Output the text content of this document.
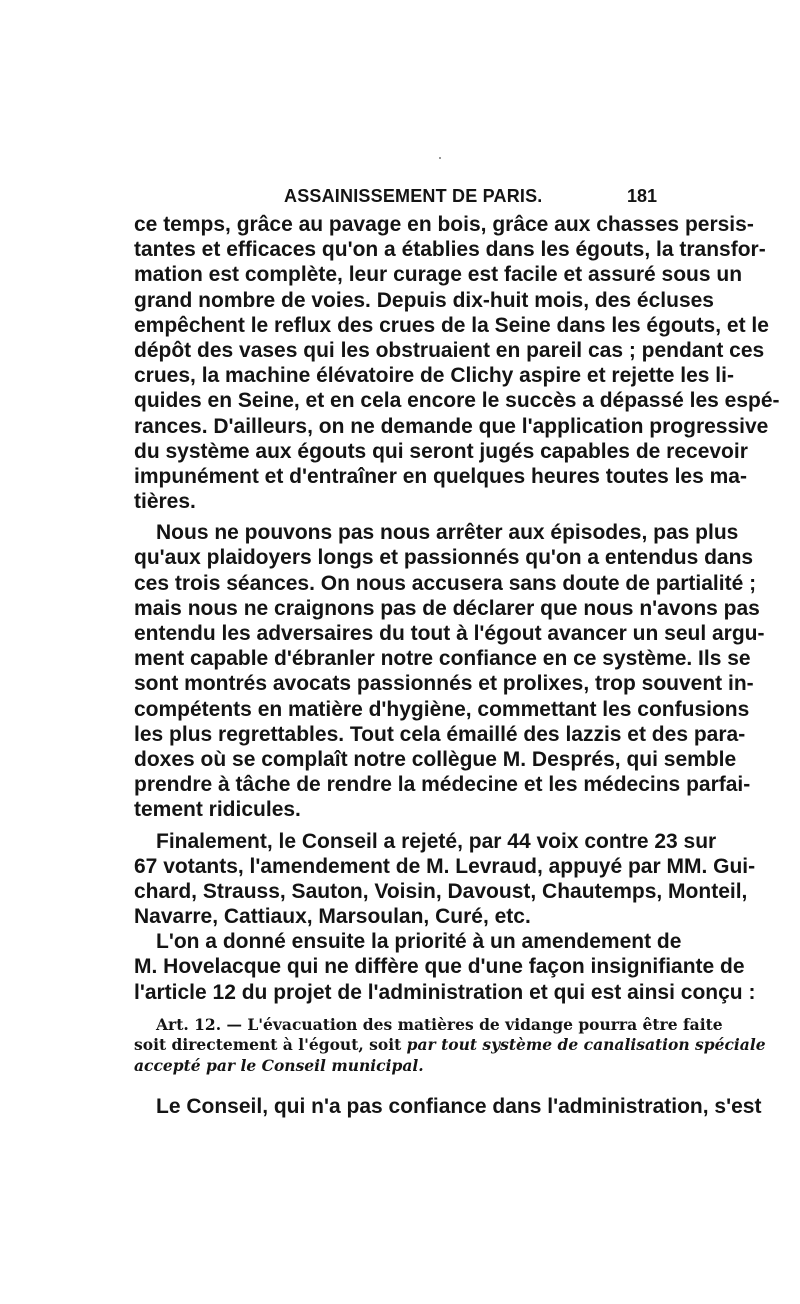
ASSAINISSEMENT DE PARIS.	181
ce temps, grâce au pavage en bois, grâce aux chasses persis-
tantes et efficaces qu'on a établies dans les égouts, la transfor-
mation est complète, leur curage est facile et assuré sous un
grand nombre de voies. Depuis dix-huit mois, des écluses
empêchent le reflux des crues de la Seine dans les égouts, et le
dépôt des vases qui les obstruaient en pareil cas ; pendant ces
crues, la machine élévatoire de Clichy aspire et rejette les li-
quides en Seine, et en cela encore le succès a dépassé les espé-
rances. D'ailleurs, on ne demande que l'application progressive
du système aux égouts qui seront jugés capables de recevoir
impunément et d'entraîner en quelques heures toutes les ma-
tières.
Nous ne pouvons pas nous arrêter aux épisodes, pas plus
qu'aux plaidoyers longs et passionnés qu'on a entendus dans
ces trois séances. On nous accusera sans doute de partialité ;
mais nous ne craignons pas de déclarer que nous n'avons pas
entendu les adversaires du tout à l'égout avancer un seul argu-
ment capable d'ébranler notre confiance en ce système. Ils se
sont montrés avocats passionnés et prolixes, trop souvent in-
compétents en matière d'hygiène, commettant les confusions
les plus regrettables. Tout cela émaillé des lazzis et des para-
doxes où se complaît notre collègue M. Després, qui semble
prendre à tâche de rendre la médecine et les médecins parfai-
tement ridicules.
Finalement, le Conseil a rejeté, par 44 voix contre 23 sur
67 votants, l'amendement de M. Levraud, appuyé par MM. Gui-
chard, Strauss, Sauton, Voisin, Davoust, Chautemps, Monteil,
Navarre, Cattiaux, Marsoulan, Curé, etc.
L'on a donné ensuite la priorité à un amendement de
M. Hovelacque qui ne diffère que d'une façon insignifiante de
l'article 12 du projet de l'administration et qui est ainsi conçu :
Art. 12. — L'évacuation des matières de vidange pourra être faite
soit directement à l'égout, soit par tout système de canalisation spéciale
accepté par le Conseil municipal.
Le Conseil, qui n'a pas confiance dans l'administration, s'est
